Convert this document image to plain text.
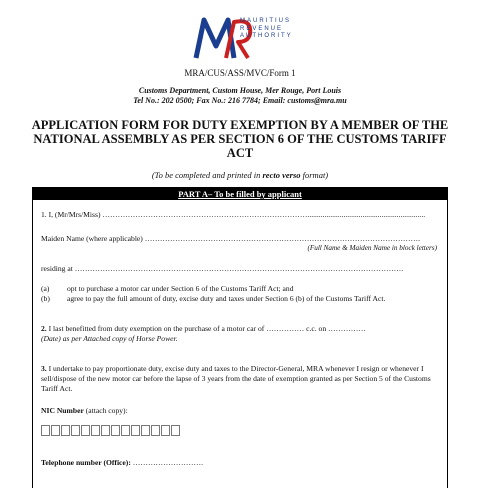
MAURITIUS
REVENUE
AUTHORITY
MRA/CUS/ASS/MVC/Form 1
Customs Department, Custom House, Mer Rouge, Port Louis
Tel No.: 202 0500; Fax No.: 216 7784; Email: customs@mra.mu
APPLICATION FORM FOR DUTY EXEMPTION BY A MEMBER OF THE NATIONAL ASSEMBLY AS PER SECTION 6 OF THE CUSTOMS TARIFF ACT
(To be completed and printed in recto verso format)
PART A– To be filled by applicant
1. I, (Mr/Mrs/Miss) ………………………………………………………………………..............................................................
Maiden Name (where applicable) ……………………………………………………………………………………………….
(Full Name & Maiden Name in block letters)
residing at ………………………………………………………………………………………………………………….
(a) opt to purchase a motor car under Section 6 of the Customs Tariff Act; and
(b) agree to pay the full amount of duty, excise duty and taxes under Section 6 (b) of the Customs Tariff Act.
2. I last benefitted from duty exemption on the purchase of a motor car of …………… c.c. on ……………
(Date) as per Attached copy of Horse Power.
3. I undertake to pay proportionate duty, excise duty and taxes to the Director-General, MRA whenever I resign or whenever I sell/dispose of the new motor car before the lapse of 3 years from the date of exemption granted as per Section 5 of the Customs Tariff Act.
NIC Number (attach copy):
Telephone number (Office): ……………………….
